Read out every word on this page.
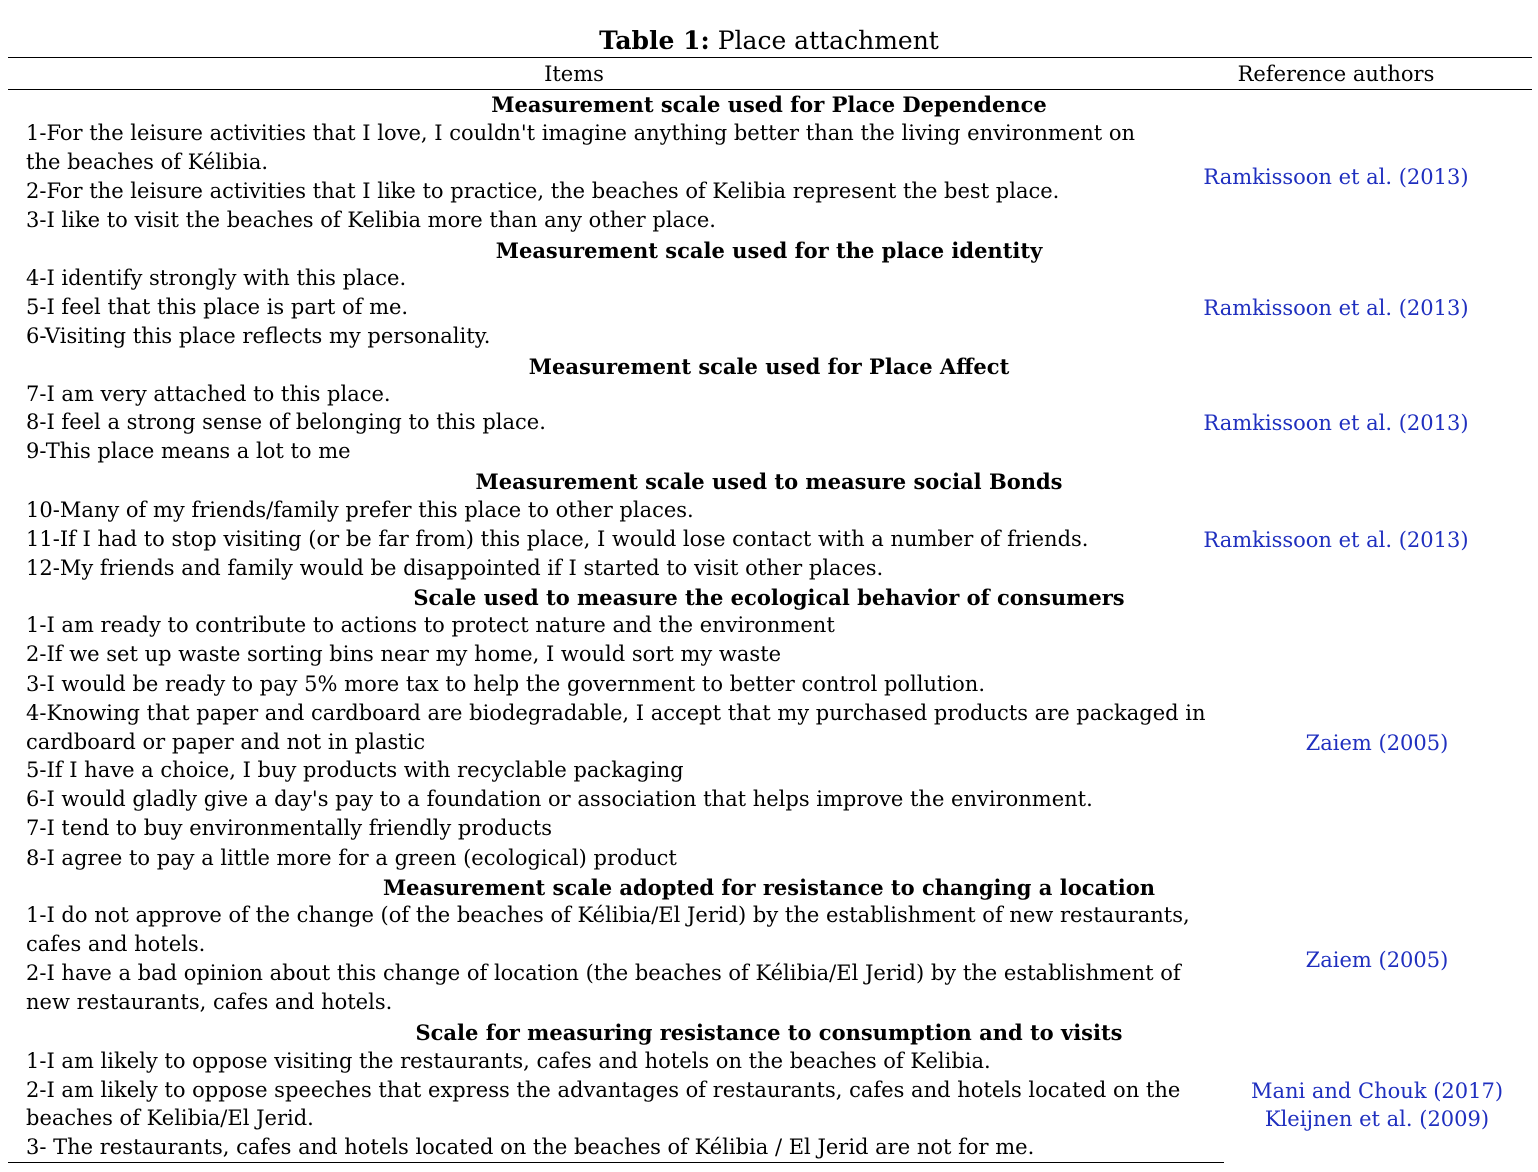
Table 1: Place attachment
Items	Reference authors
Measurement scale used for Place Dependence
1-For the leisure activities that I love, I couldn't imagine anything better than the living environment on
the beaches of Kélibia.
2-For the leisure activities that I like to practice, the beaches of Kelibia represent the best place.
3-I like to visit the beaches of Kelibia more than any other place.
Ramkissoon et al. (2013)
Measurement scale used for the place identity
4-I identify strongly with this place.
5-I feel that this place is part of me.
6-Visiting this place reflects my personality.
Ramkissoon et al. (2013)
Measurement scale used for Place Affect
7-I am very attached to this place.
8-I feel a strong sense of belonging to this place.
9-This place means a lot to me
Ramkissoon et al. (2013)
Measurement scale used to measure social Bonds
10-Many of my friends/family prefer this place to other places.
11-If I had to stop visiting (or be far from) this place, I would lose contact with a number of friends.
12-My friends and family would be disappointed if I started to visit other places.
Ramkissoon et al. (2013)
Scale used to measure the ecological behavior of consumers
1-I am ready to contribute to actions to protect nature and the environment
2-If we set up waste sorting bins near my home, I would sort my waste
3-I would be ready to pay 5% more tax to help the government to better control pollution.
4-Knowing that paper and cardboard are biodegradable, I accept that my purchased products are packaged in
cardboard or paper and not in plastic
5-If I have a choice, I buy products with recyclable packaging
6-I would gladly give a day's pay to a foundation or association that helps improve the environment.
7-I tend to buy environmentally friendly products
8-I agree to pay a little more for a green (ecological) product
Zaiem (2005)
Measurement scale adopted for resistance to changing a location
1-I do not approve of the change (of the beaches of Kélibia/El Jerid) by the establishment of new restaurants,
cafes and hotels.
2-I have a bad opinion about this change of location (the beaches of Kélibia/El Jerid) by the establishment of
new restaurants, cafes and hotels.
Zaiem (2005)
Scale for measuring resistance to consumption and to visits
1-I am likely to oppose visiting the restaurants, cafes and hotels on the beaches of Kelibia.
2-I am likely to oppose speeches that express the advantages of restaurants, cafes and hotels located on the
beaches of Kelibia/El Jerid.
3- The restaurants, cafes and hotels located on the beaches of Kélibia / El Jerid are not for me.
Mani and Chouk (2017)
Kleijnen et al. (2009)
